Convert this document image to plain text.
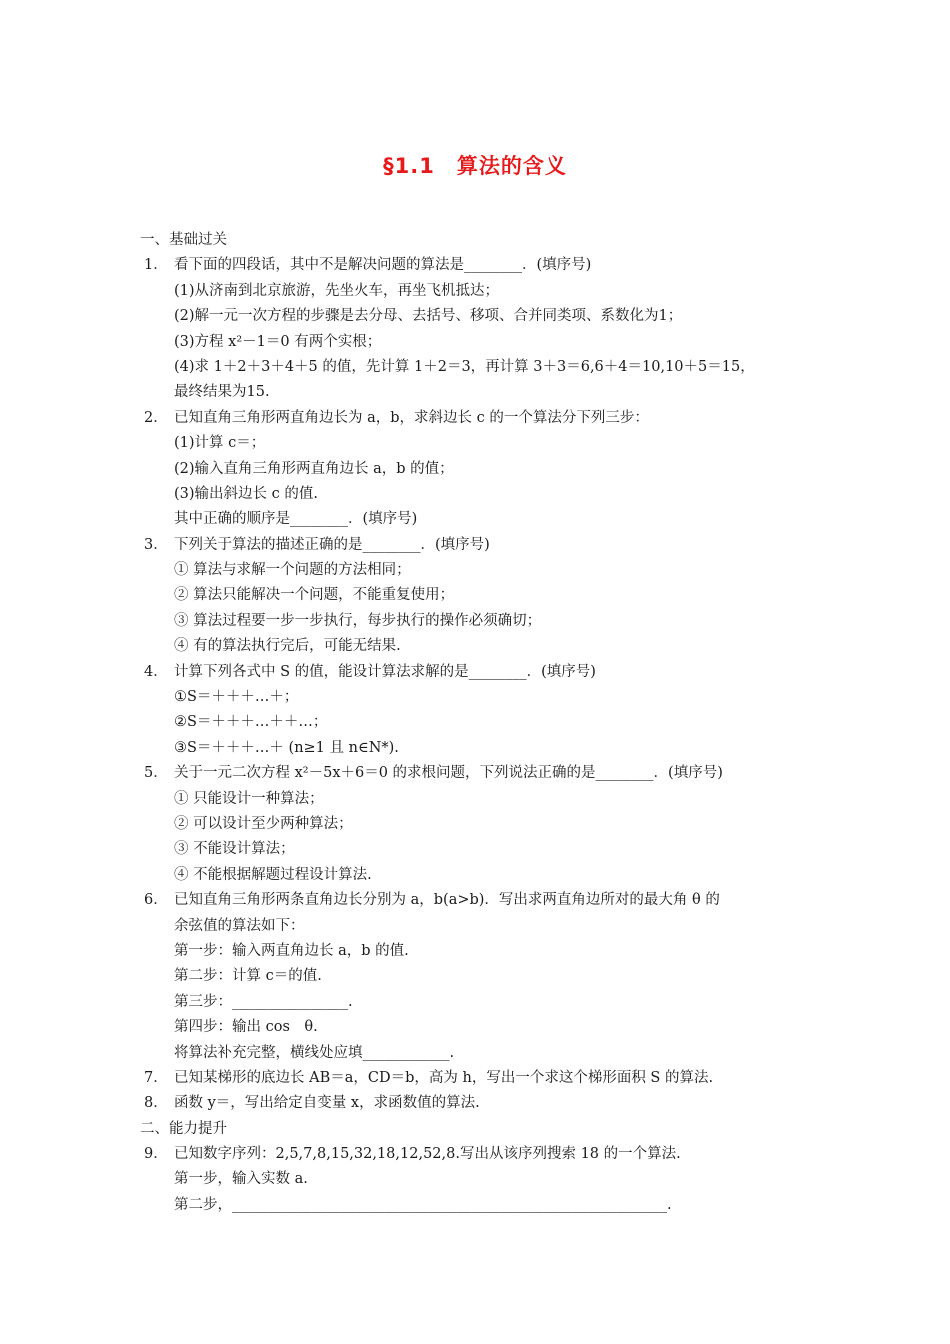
§1.1　算法的含义
一、基础过关
1． 看下面的四段话，其中不是解决问题的算法是________．(填序号)
(1)从济南到北京旅游，先坐火车，再坐飞机抵达；
(2)解一元一次方程的步骤是去分母、去括号、移项、合并同类项、系数化为1；
(3)方程 x²－1＝0 有两个实根；
(4)求 1＋2＋3＋4＋5 的值，先计算 1＋2＝3，再计算 3＋3＝6,6＋4＝10,10＋5＝15，
最终结果为15.
2． 已知直角三角形两直角边长为 a，b，求斜边长 c 的一个算法分下列三步：
(1)计算 c＝；
(2)输入直角三角形两直角边长 a，b 的值；
(3)输出斜边长 c 的值.
其中正确的顺序是________．(填序号)
3． 下列关于算法的描述正确的是________．(填序号)
① 算法与求解一个问题的方法相同；
② 算法只能解决一个问题，不能重复使用；
③ 算法过程要一步一步执行，每步执行的操作必须确切；
④ 有的算法执行完后，可能无结果.
4． 计算下列各式中 S 的值，能设计算法求解的是________．(填序号)
①S＝＋＋＋…＋；
②S＝＋＋＋…＋＋…；
③S＝＋＋＋…＋ (n≥1 且 n∈N*).
5． 关于一元二次方程 x²－5x＋6＝0 的求根问题，下列说法正确的是________．(填序号)
① 只能设计一种算法；
② 可以设计至少两种算法；
③ 不能设计算法；
④ 不能根据解题过程设计算法.
6． 已知直角三角形两条直角边长分别为 a，b(a>b)．写出求两直角边所对的最大角 θ 的
余弦值的算法如下：
第一步：输入两直角边长 a，b 的值.
第二步：计算 c＝的值.
第三步：________________.
第四步：输出 cos　θ.
将算法补充完整，横线处应填____________.
7． 已知某梯形的底边长 AB＝a，CD＝b，高为 h，写出一个求这个梯形面积 S 的算法.
8． 函数 y＝，写出给定自变量 x，求函数值的算法.
二、能力提升
9． 已知数字序列：2,5,7,8,15,32,18,12,52,8.写出从该序列搜索 18 的一个算法.
第一步，输入实数 a.
第二步，____________________________________________________________.
